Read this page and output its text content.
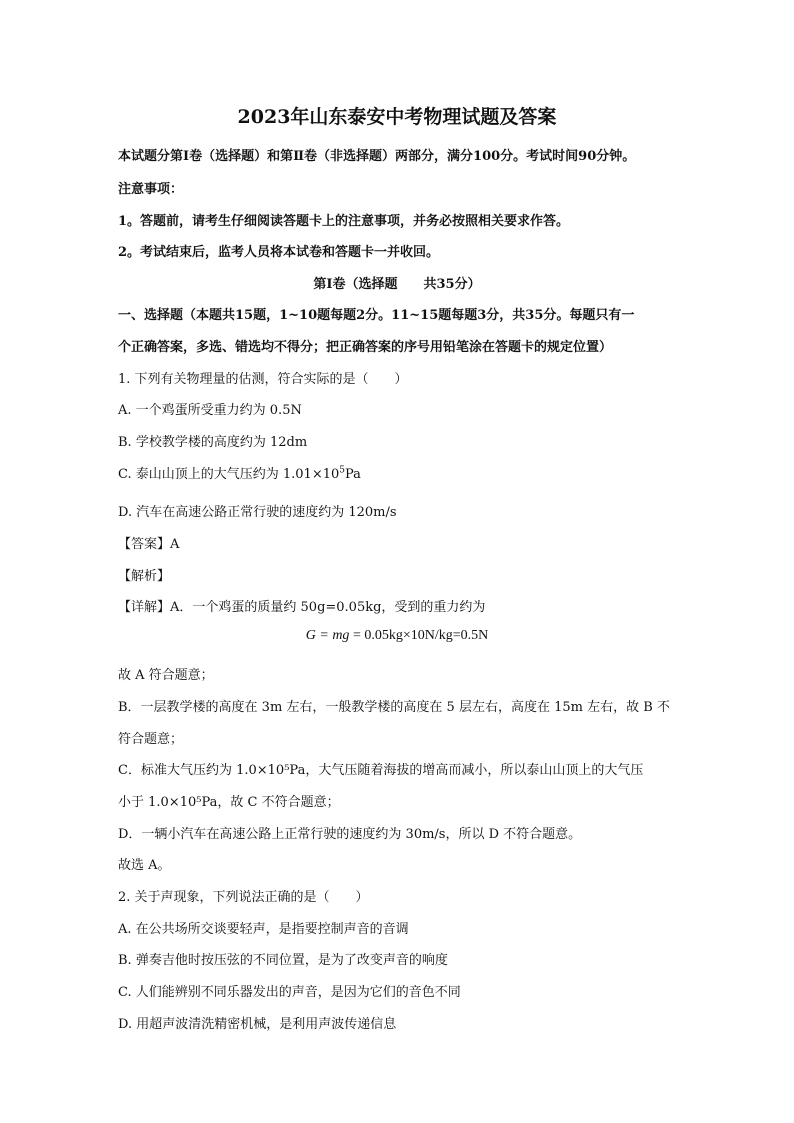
2023年山东泰安中考物理试题及答案
本试题分第Ⅰ卷（选择题）和第Ⅱ卷（非选择题）两部分，满分100分。考试时间90分钟。
注意事项：
1。答题前，请考生仔细阅读答题卡上的注意事项，并务必按照相关要求作答。
2。考试结束后，监考人员将本试卷和答题卡一并收回。
第Ⅰ卷（选择题　　共35分）
一、选择题（本题共15题，1~10题每题2分。11~15题每题3分，共35分。每题只有一
个正确答案，多选、错选均不得分；把正确答案的序号用铅笔涂在答题卡的规定位置）
1. 下列有关物理量的估测，符合实际的是（　　）
A. 一个鸡蛋所受重力约为 0.5N
B. 学校教学楼的高度约为 12dm
C. 泰山山顶上的大气压约为 $1.01\times 10^5Pa$
D. 汽车在高速公路正常行驶的速度约为 120m/s
【答案】A
【解析】
【详解】A．一个鸡蛋的质量约 50g=0.05kg，受到的重力约为
G = mg = 0.05kg×10N/kg=0.5N
故 A 符合题意；
B．一层教学楼的高度在 3m 左右，一般教学楼的高度在 5 层左右，高度在 15m 左右，故 B 不
符合题意；
C．标准大气压约为 1.0×10⁵Pa，大气压随着海拔的增高而减小，所以泰山山顶上的大气压
小于 1.0×10⁵Pa，故 C 不符合题意；
D．一辆小汽车在高速公路上正常行驶的速度约为 30m/s，所以 D 不符合题意。
故选 A。
2. 关于声现象，下列说法正确的是（　　）
A. 在公共场所交谈要轻声，是指要控制声音的音调
B. 弹奏吉他时按压弦的不同位置，是为了改变声音的响度
C. 人们能辨别不同乐器发出的声音，是因为它们的音色不同
D. 用超声波清洗精密机械，是利用声波传递信息
